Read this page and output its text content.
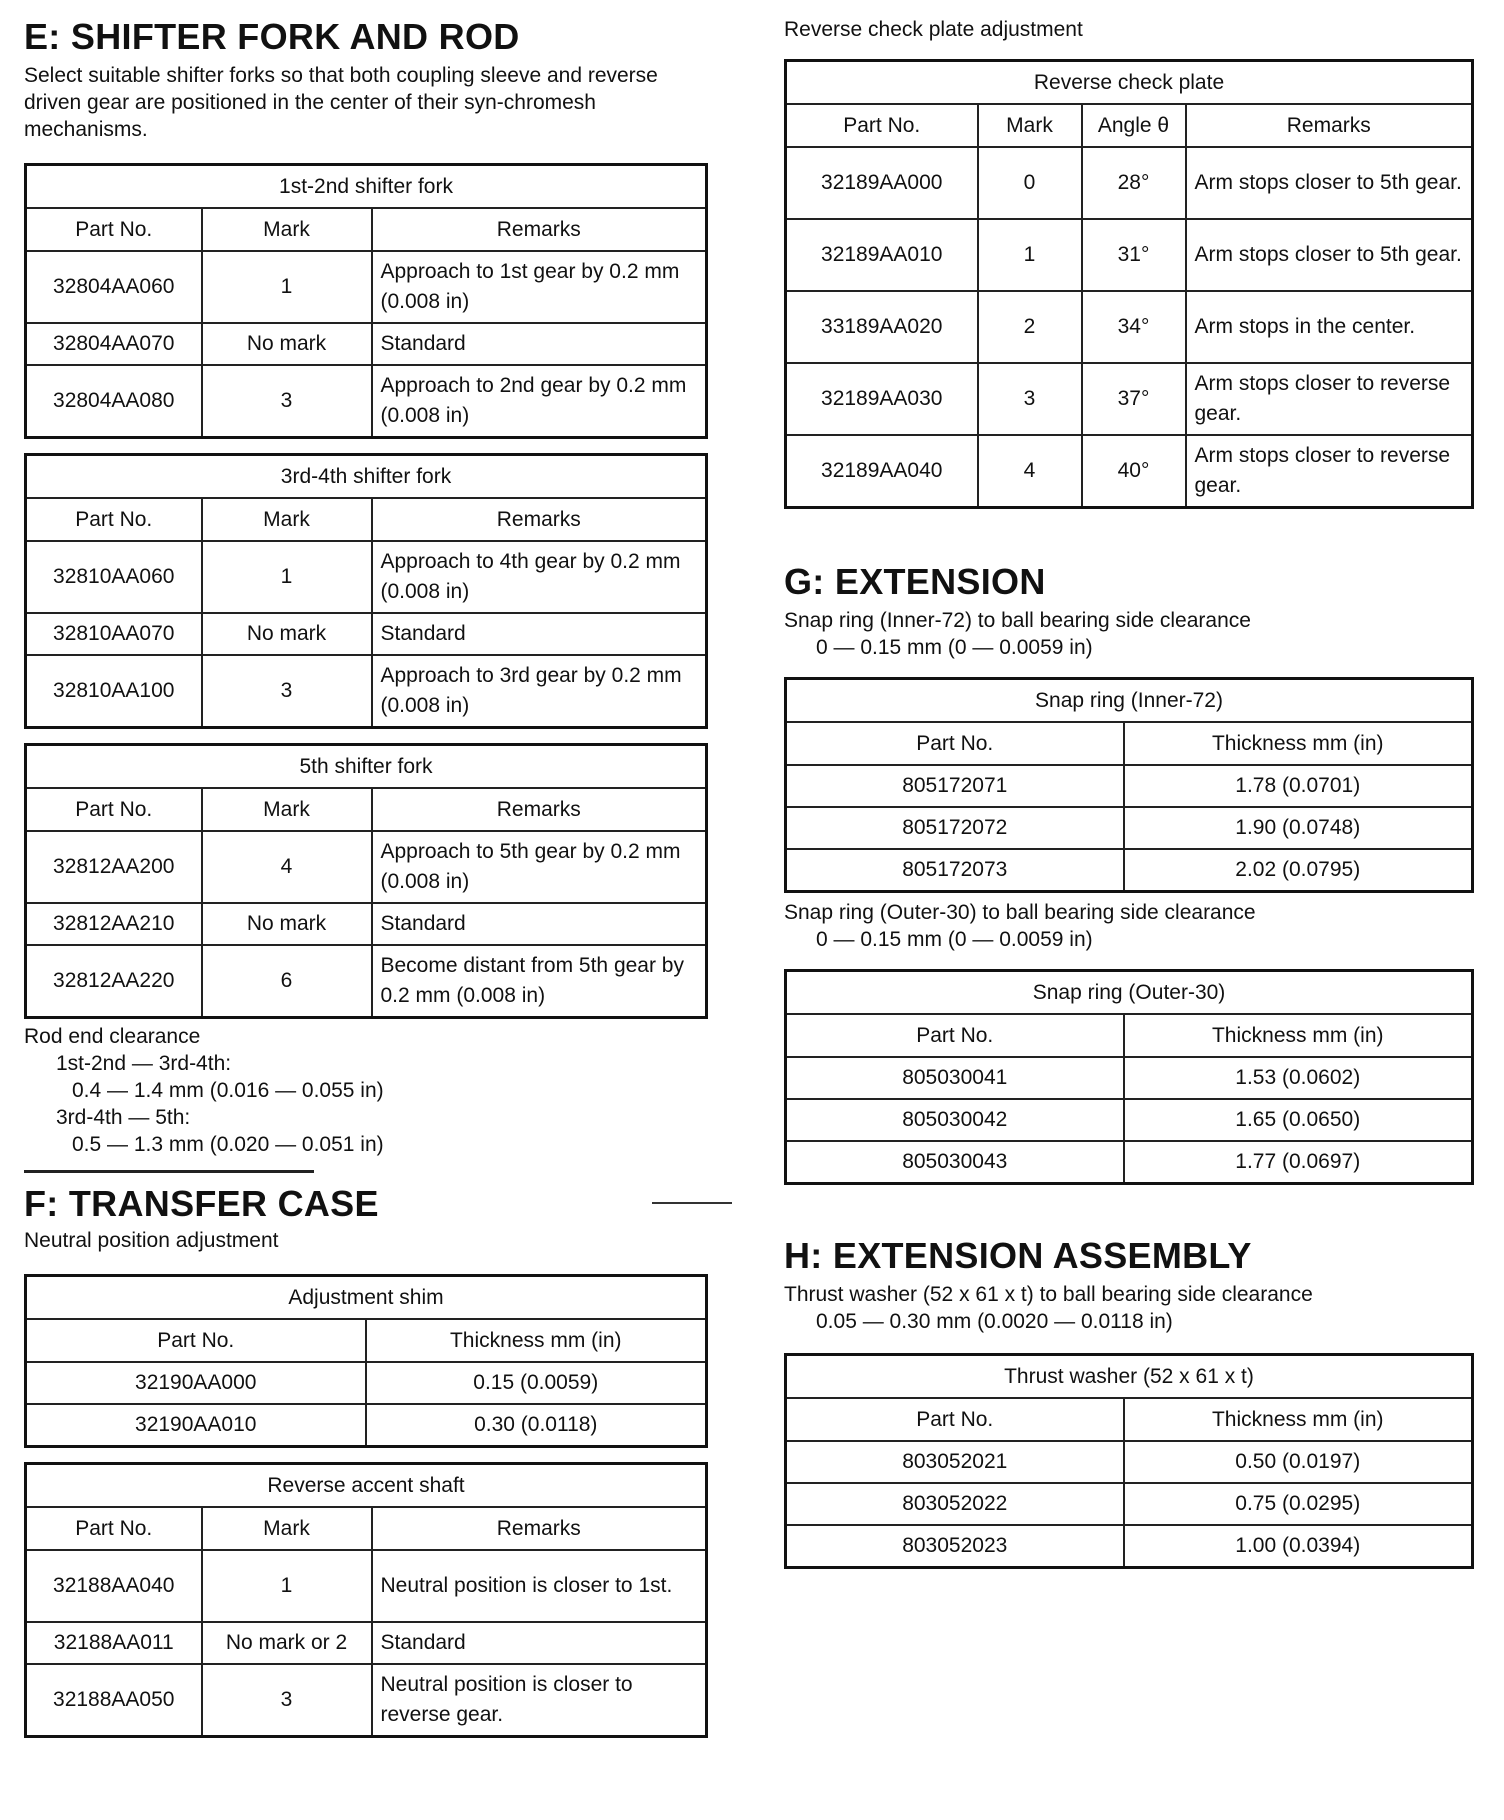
E: SHIFTER FORK AND ROD

Select suitable shifter forks so that both coupling sleeve and reverse driven gear are positioned in the center of their syn-chromesh mechanisms.

1st-2nd shifter fork		
Part No.	Mark	Remarks
32804AA060	1	Approach to 1st gear by 0.2 mm (0.008 in)
32804AA070	No mark	Standard
32804AA080	3	Approach to 2nd gear by 0.2 mm (0.008 in)
3rd-4th shifter fork		
Part No.	Mark	Remarks
32810AA060	1	Approach to 4th gear by 0.2 mm (0.008 in)
32810AA070	No mark	Standard
32810AA100	3	Approach to 3rd gear by 0.2 mm (0.008 in)
5th shifter fork		
Part No.	Mark	Remarks
32812AA200	4	Approach to 5th gear by 0.2 mm (0.008 in)
32812AA210	No mark	Standard
32812AA220	6	Become distant from 5th gear by 0.2 mm (0.008 in)

Rod end clearance

1st-2nd — 3rd-4th:

0.4 — 1.4 mm (0.016 — 0.055 in)

3rd-4th — 5th:

0.5 — 1.3 mm (0.020 — 0.051 in)

F: TRANSFER CASE

Neutral position adjustment

Adjustment shim	
Part No.	Thickness mm (in)
32190AA000	0.15 (0.0059)
32190AA010	0.30 (0.0118)
Reverse accent shaft		
Part No.	Mark	Remarks
32188AA040	1	Neutral position is closer to 1st.
32188AA011	No mark or 2	Standard
32188AA050	3	Neutral position is closer to reverse gear.

Reverse check plate adjustment

Reverse check plate			
Part No.	Mark	Angle θ	Remarks
32189AA000	0	28°	Arm stops closer to 5th gear.
32189AA010	1	31°	Arm stops closer to 5th gear.
33189AA020	2	34°	Arm stops in the center.
32189AA030	3	37°	Arm stops closer to reverse gear.
32189AA040	4	40°	Arm stops closer to reverse gear.
G: EXTENSION

Snap ring (Inner-72) to ball bearing side clearance

0 — 0.15 mm (0 — 0.0059 in)

Snap ring (Inner-72)	
Part No.	Thickness mm (in)
805172071	1.78 (0.0701)
805172072	1.90 (0.0748)
805172073	2.02 (0.0795)

Snap ring (Outer-30) to ball bearing side clearance

0 — 0.15 mm (0 — 0.0059 in)

Snap ring (Outer-30)	
Part No.	Thickness mm (in)
805030041	1.53 (0.0602)
805030042	1.65 (0.0650)
805030043	1.77 (0.0697)
H: EXTENSION ASSEMBLY

Thrust washer (52 x 61 x t) to ball bearing side clearance

0.05 — 0.30 mm (0.0020 — 0.0118 in)

Thrust washer (52 x 61 x t)	
Part No.	Thickness mm (in)
803052021	0.50 (0.0197)
803052022	0.75 (0.0295)
803052023	1.00 (0.0394)
